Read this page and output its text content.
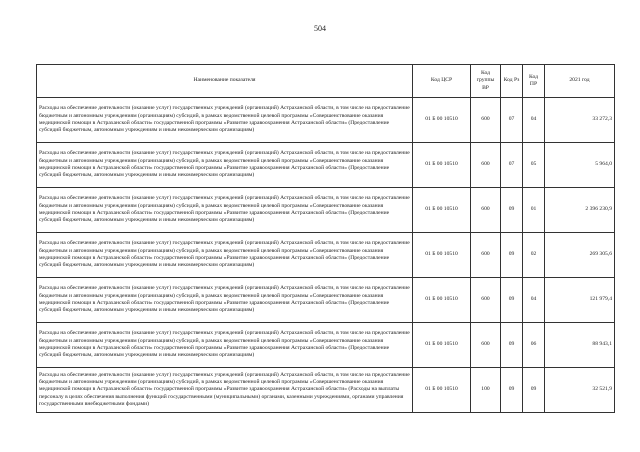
504
Наименование показателя	Код ЦСР	Код группы ВР	Код Рз	Код ПР	2021 год
Расходы на обеспечение деятельности (оказание услуг) государственных учреждений (организаций) Астраханской области, в том числе на предоставление бюджетным и автономным учреждениям (организациям) субсидий, в рамках ведомственной целевой программы «Совершенствование оказания медицинской помощи в Астраханской области» государственной программы «Развитие здравоохранения Астраханской области» (Предоставление субсидий бюджетным, автономным учреждениям и иным некоммерческим организациям)	01 Б 00 10510	600	07	04	33 272,3
Расходы на обеспечение деятельности (оказание услуг) государственных учреждений (организаций) Астраханской области, в том числе на предоставление бюджетным и автономным учреждениям (организациям) субсидий, в рамках ведомственной целевой программы «Совершенствование оказания медицинской помощи в Астраханской области» государственной программы «Развитие здравоохранения Астраханской области» (Предоставление субсидий бюджетным, автономным учреждениям и иным некоммерческим организациям)	01 Б 00 10510	600	07	05	5 964,0
Расходы на обеспечение деятельности (оказание услуг) государственных учреждений (организаций) Астраханской области, в том числе на предоставление бюджетным и автономным учреждениям (организациям) субсидий, в рамках ведомственной целевой программы «Совершенствование оказания медицинской помощи в Астраханской области» государственной программы «Развитие здравоохранения Астраханской области» (Предоставление субсидий бюджетным, автономным учреждениям и иным некоммерческим организациям)	01 Б 00 10510	600	09	01	2 396 230,9
Расходы на обеспечение деятельности (оказание услуг) государственных учреждений (организаций) Астраханской области, в том числе на предоставление бюджетным и автономным учреждениям (организациям) субсидий, в рамках ведомственной целевой программы «Совершенствование оказания медицинской помощи в Астраханской области» государственной программы «Развитие здравоохранения Астраханской области» (Предоставление субсидий бюджетным, автономным учреждениям и иным некоммерческим организациям)	01 Б 00 10510	600	09	02	269 305,6
Расходы на обеспечение деятельности (оказание услуг) государственных учреждений (организаций) Астраханской области, в том числе на предоставление бюджетным и автономным учреждениям (организациям) субсидий, в рамках ведомственной целевой программы «Совершенствование оказания медицинской помощи в Астраханской области» государственной программы «Развитие здравоохранения Астраханской области» (Предоставление субсидий бюджетным, автономным учреждениям и иным некоммерческим организациям)	01 Б 00 10510	600	09	04	121 979,4
Расходы на обеспечение деятельности (оказание услуг) государственных учреждений (организаций) Астраханской области, в том числе на предоставление бюджетным и автономным учреждениям (организациям) субсидий, в рамках ведомственной целевой программы «Совершенствование оказания медицинской помощи в Астраханской области» государственной программы «Развитие здравоохранения Астраханской области» (Предоставление субсидий бюджетным, автономным учреждениям и иным некоммерческим организациям)	01 Б 00 10510	600	09	06	88 943,1
Расходы на обеспечение деятельности (оказание услуг) государственных учреждений (организаций) Астраханской области, в том числе на предоставление бюджетным и автономным учреждениям (организациям) субсидий, в рамках ведомственной целевой программы «Совершенствование оказания медицинской помощи в Астраханской области» государственной программы «Развитие здравоохранения Астраханской области» (Расходы на выплаты персоналу в целях обеспечения выполнения функций государственными (муниципальными) органами, казенными учреждениями, органами управления государственными внебюджетными фондами)	01 Б 00 10510	100	09	09	32 521,9
